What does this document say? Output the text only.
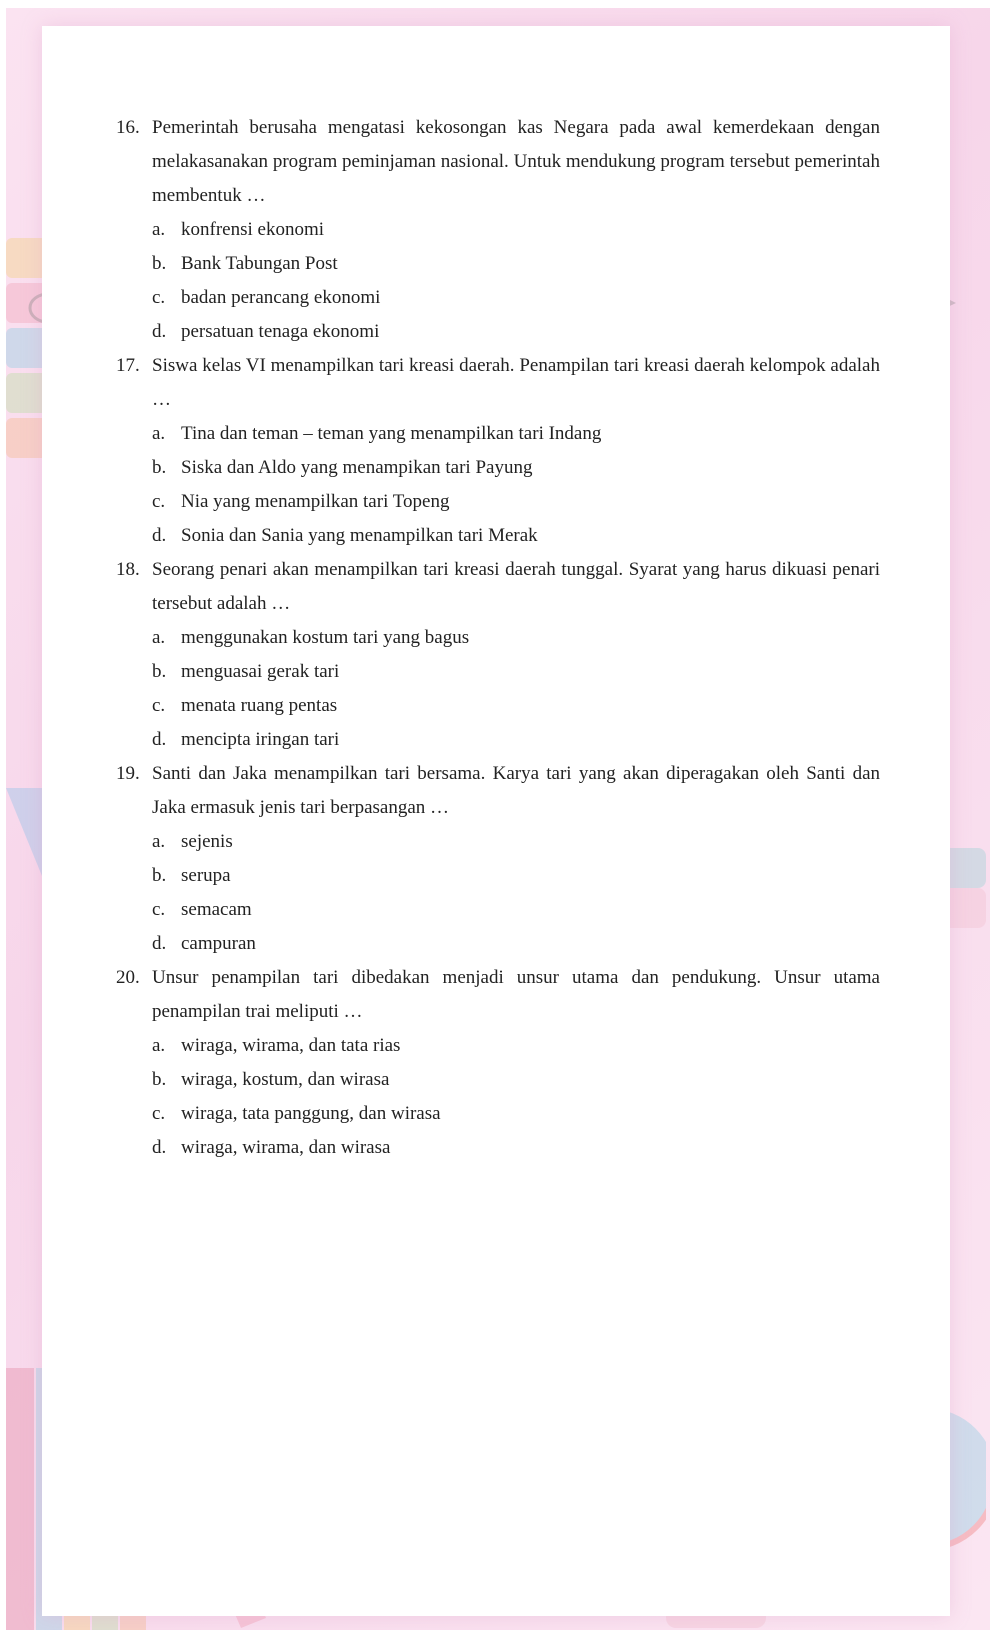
16. Pemerintah berusaha mengatasi kekosongan kas Negara pada awal kemerdekaan dengan melakasanakan program peminjaman nasional. Untuk mendukung program tersebut pemerintah membentuk …
a. konfrensi ekonomi
b. Bank Tabungan Post
c. badan perancang ekonomi
d. persatuan tenaga ekonomi
17. Siswa kelas VI menampilkan tari kreasi daerah. Penampilan tari kreasi daerah kelompok adalah …
a. Tina dan teman – teman yang menampilkan tari Indang
b. Siska dan Aldo yang menampikan tari Payung
c. Nia yang menampilkan tari Topeng
d. Sonia dan Sania yang menampilkan tari Merak
18. Seorang penari akan menampilkan tari kreasi daerah tunggal. Syarat yang harus dikuasi penari tersebut adalah …
a. menggunakan kostum tari yang bagus
b. menguasai gerak tari
c. menata ruang pentas
d. mencipta iringan tari
19. Santi dan Jaka menampilkan tari bersama. Karya tari yang akan diperagakan oleh Santi dan Jaka ermasuk jenis tari berpasangan …
a. sejenis
b. serupa
c. semacam
d. campuran
20. Unsur penampilan tari dibedakan menjadi unsur utama dan pendukung. Unsur utama penampilan trai meliputi …
a. wiraga, wirama, dan tata rias
b. wiraga, kostum, dan wirasa
c. wiraga, tata panggung, dan wirasa
d. wiraga, wirama, dan wirasa
